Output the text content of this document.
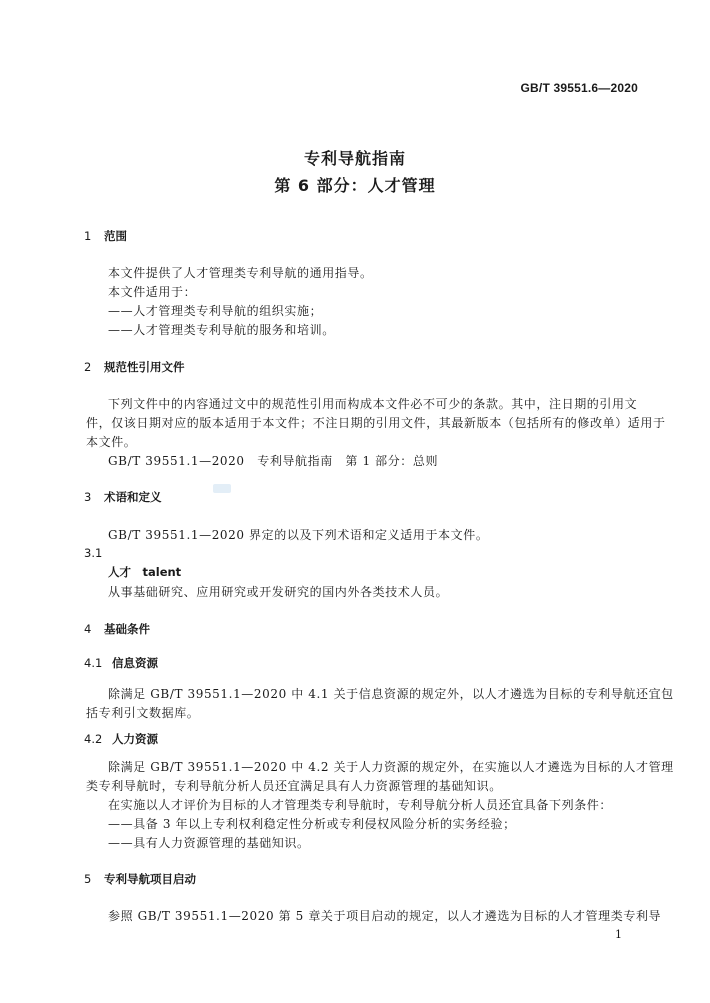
GB/T 39551.6—2020
专利导航指南
第 6 部分：人才管理
1 范围
本文件提供了人才管理类专利导航的通用指导。
本文件适用于：
——人才管理类专利导航的组织实施；
——人才管理类专利导航的服务和培训。
2 规范性引用文件
下列文件中的内容通过文中的规范性引用而构成本文件必不可少的条款。其中，注日期的引用文
件，仅该日期对应的版本适用于本文件；不注日期的引用文件，其最新版本（包括所有的修改单）适用于
本文件。
GB/T 39551.1—2020　专利导航指南　第 1 部分：总则
3 术语和定义
GB/T 39551.1—2020 界定的以及下列术语和定义适用于本文件。
3.1
人才　talent
从事基础研究、应用研究或开发研究的国内外各类技术人员。
4 基础条件
4.1 信息资源
除满足 GB/T 39551.1—2020 中 4.1 关于信息资源的规定外，以人才遴选为目标的专利导航还宜包
括专利引文数据库。
4.2 人力资源
除满足 GB/T 39551.1—2020 中 4.2 关于人力资源的规定外，在实施以人才遴选为目标的人才管理
类专利导航时，专利导航分析人员还宜满足具有人力资源管理的基础知识。
在实施以人才评价为目标的人才管理类专利导航时，专利导航分析人员还宜具备下列条件：
——具备 3 年以上专利权利稳定性分析或专利侵权风险分析的实务经验；
——具有人力资源管理的基础知识。
5 专利导航项目启动
参照 GB/T 39551.1—2020 第 5 章关于项目启动的规定，以人才遴选为目标的人才管理类专利导
1
